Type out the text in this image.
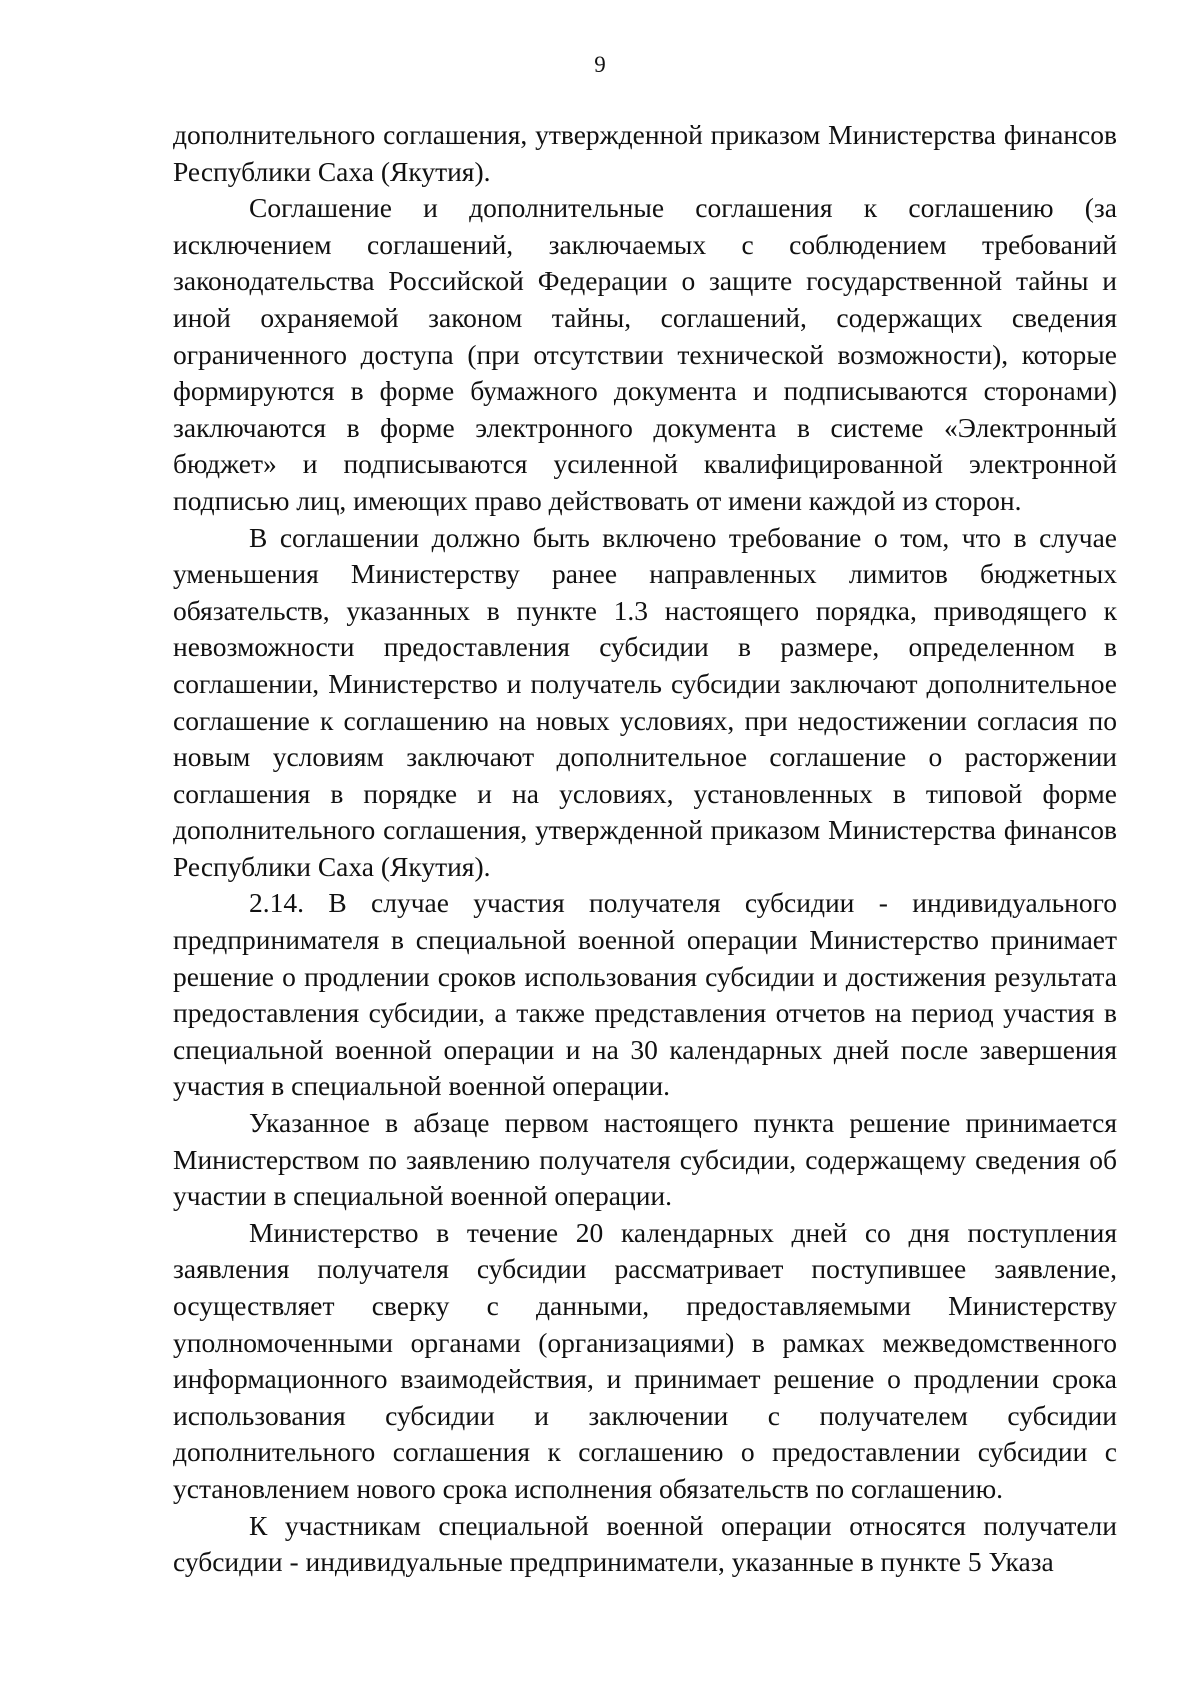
9

дополнительного соглашения, утвержденной приказом Министерства финансов Республики Саха (Якутия).

Соглашение и дополнительные соглашения к соглашению (за исключением соглашений, заключаемых с соблюдением требований законодательства Российской Федерации о защите государственной тайны и иной охраняемой законом тайны, соглашений, содержащих сведения ограниченного доступа (при отсутствии технической возможности), которые формируются в форме бумажного документа и подписываются сторонами) заключаются в форме электронного документа в системе «Электронный бюджет» и подписываются усиленной квалифицированной электронной подписью лиц, имеющих право действовать от имени каждой из сторон.

В соглашении должно быть включено требование о том, что в случае уменьшения Министерству ранее направленных лимитов бюджетных обязательств, указанных в пункте 1.3 настоящего порядка, приводящего к невозможности предоставления субсидии в размере, определенном в соглашении, Министерство и получатель субсидии заключают дополнительное соглашение к соглашению на новых условиях, при недостижении согласия по новым условиям заключают дополнительное соглашение о расторжении соглашения в порядке и на условиях, установленных в типовой форме дополнительного соглашения, утвержденной приказом Министерства финансов Республики Саха (Якутия).

2.14. В случае участия получателя субсидии - индивидуального предпринимателя в специальной военной операции Министерство принимает решение о продлении сроков использования субсидии и достижения результата предоставления субсидии, а также представления отчетов на период участия в специальной военной операции и на 30 календарных дней после завершения участия в специальной военной операции.

Указанное в абзаце первом настоящего пункта решение принимается Министерством по заявлению получателя субсидии, содержащему сведения об участии в специальной военной операции.

Министерство в течение 20 календарных дней со дня поступления заявления получателя субсидии рассматривает поступившее заявление, осуществляет сверку с данными, предоставляемыми Министерству уполномоченными органами (организациями) в рамках межведомственного информационного взаимодействия, и принимает решение о продлении срока использования субсидии и заключении с получателем субсидии дополнительного соглашения к соглашению о предоставлении субсидии с установлением нового срока исполнения обязательств по соглашению.

К участникам специальной военной операции относятся получатели субсидии - индивидуальные предприниматели, указанные в пункте 5 Указа
